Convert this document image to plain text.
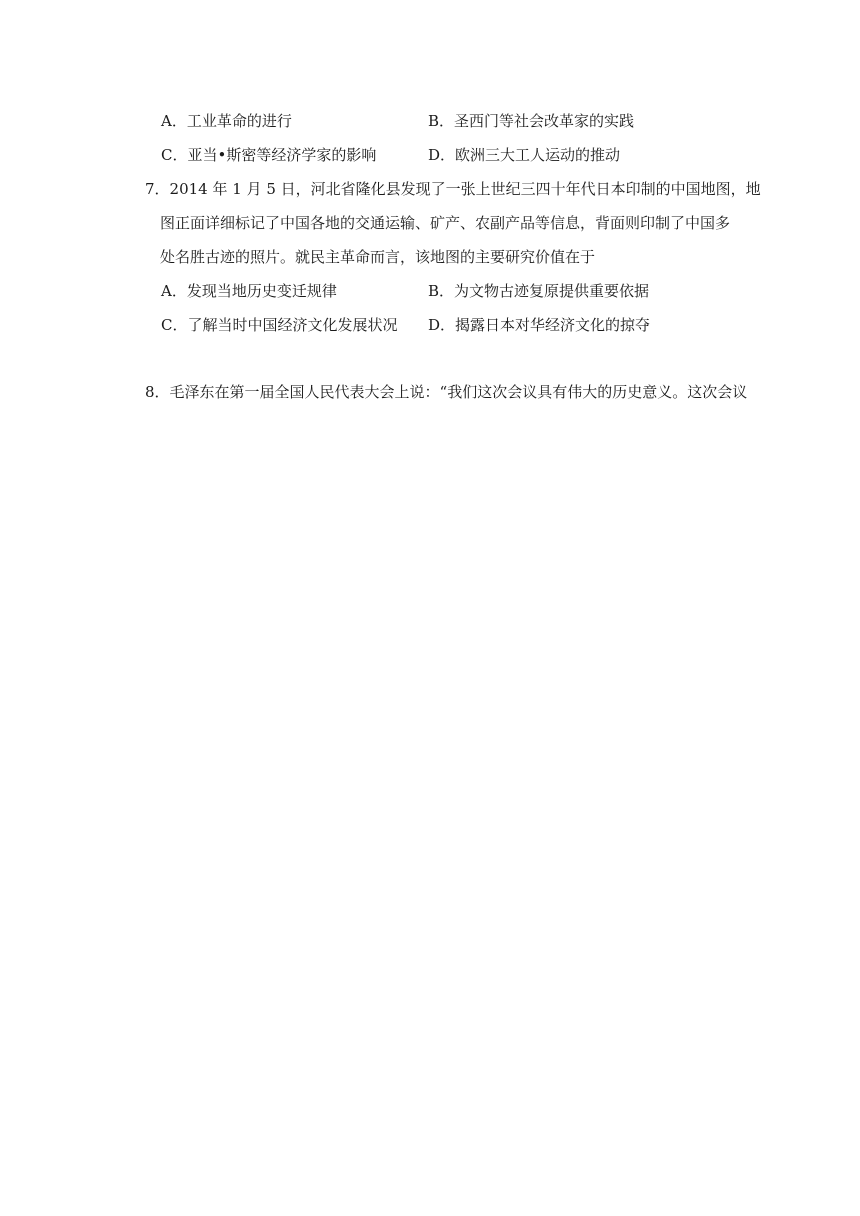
A．工业革命的进行	B．圣西门等社会改革家的实践
C．亚当•斯密等经济学家的影响	D．欧洲三大工人运动的推动
7．2014 年 1 月 5 日，河北省隆化县发现了一张上世纪三四十年代日本印制的中国地图，地
图正面详细标记了中国各地的交通运输、矿产、农副产品等信息，背面则印制了中国多
处名胜古迹的照片。就民主革命而言，该地图的主要研究价值在于
A．发现当地历史变迁规律	B．为文物古迹复原提供重要依据
C．了解当时中国经济文化发展状况 D．揭露日本对华经济文化的掠夺
8．毛泽东在第一届全国人民代表大会上说：“我们这次会议具有伟大的历史意义。这次会议
